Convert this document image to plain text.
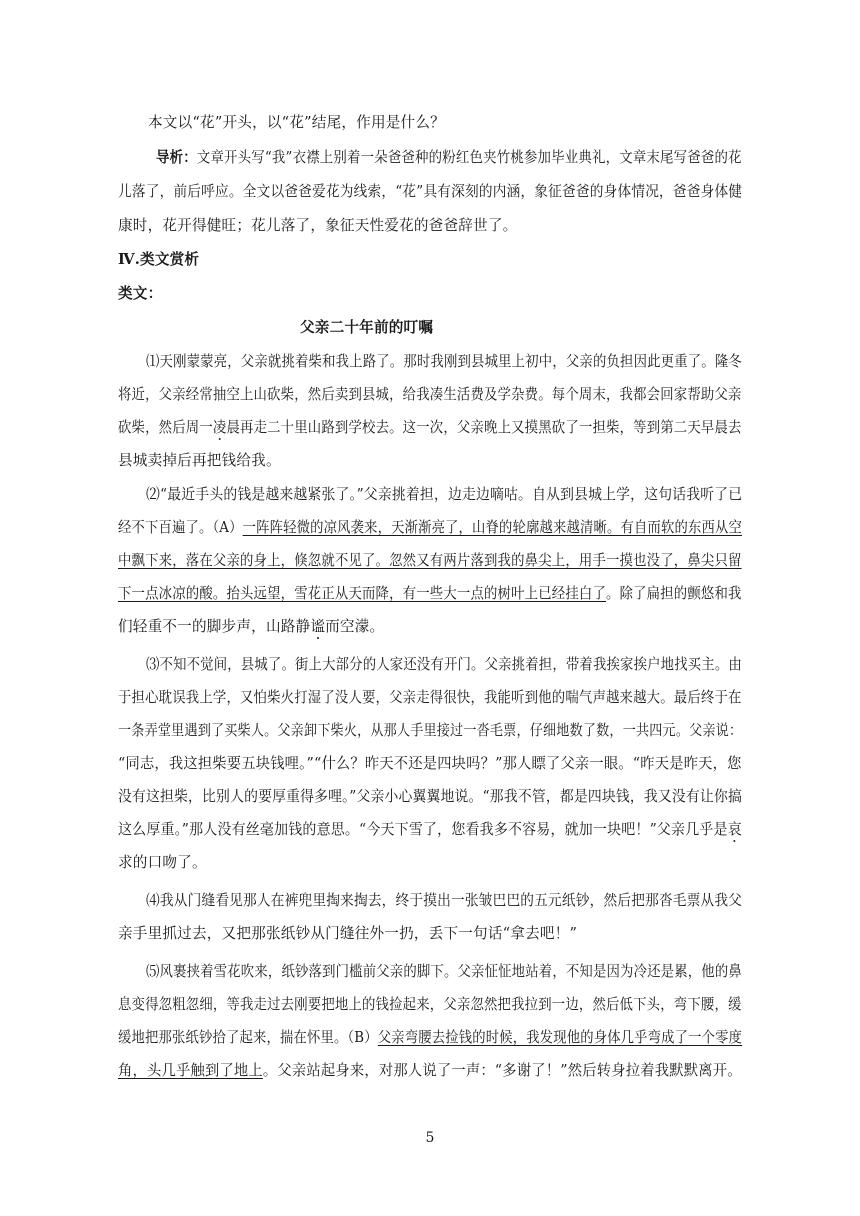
本文以“花”开头，以“花”结尾，作用是什么？
导析：文章开头写“我”衣襟上别着一朵爸爸种的粉红色夹竹桃参加毕业典礼，文章末尾写爸爸的花
儿落了，前后呼应。全文以爸爸爱花为线索，“花”具有深刻的内涵，象征爸爸的身体情况，爸爸身体健
康时，花开得健旺；花儿落了，象征天性爱花的爸爸辞世了。
Ⅳ.类文赏析
类文：
父亲二十年前的叮嘱
⑴天刚蒙蒙亮，父亲就挑着柴和我上路了。那时我刚到县城里上初中，父亲的负担因此更重了。隆冬
将近，父亲经常抽空上山砍柴，然后卖到县城，给我凑生活费及学杂费。每个周末，我都会回家帮助父亲
砍柴，然后周一凌晨再走二十里山路到学校去。这一次，父亲晚上又摸黑砍了一担柴，等到第二天早晨去
县城卖掉后再把钱给我。
⑵“最近手头的钱是越来越紧张了。”父亲挑着担，边走边嘀咕。自从到县城上学，这句话我听了已
经不下百遍了。（A）一阵阵轻微的凉风袭来，天渐渐亮了，山脊的轮廓越来越清晰。有自而软的东西从空
中飘下来，落在父亲的身上，倏忽就不见了。忽然又有两片落到我的鼻尖上，用手一摸也没了，鼻尖只留
下一点冰凉的酸。抬头远望，雪花正从天而降，有一些大一点的树叶上已经挂白了。除了扁担的颤悠和我
们轻重不一的脚步声，山路静谧而空濛。
⑶不知不觉间，县城了。街上大部分的人家还没有开门。父亲挑着担，带着我挨家挨户地找买主。由
于担心耽误我上学，又怕柴火打湿了没人要，父亲走得很快，我能听到他的喘气声越来越大。最后终于在
一条弄堂里遇到了买柴人。父亲卸下柴火，从那人手里接过一沓毛票，仔细地数了数，一共四元。父亲说：
“同志，我这担柴要五块钱哩。”“什么？昨天不还是四块吗？”那人瞟了父亲一眼。“昨天是昨天，您
没有这担柴，比别人的要厚重得多哩。”父亲小心翼翼地说。“那我不管，都是四块钱，我又没有让你搞
这么厚重。”那人没有丝毫加钱的意思。“今天下雪了，您看我多不容易，就加一块吧！”父亲几乎是哀
求的口吻了。
⑷我从门缝看见那人在裤兜里掏来掏去，终于摸出一张皱巴巴的五元纸钞，然后把那沓毛票从我父
亲手里抓过去，又把那张纸钞从门缝往外一扔，丢下一句话“拿去吧！”
⑸风裹挟着雪花吹来，纸钞落到门槛前父亲的脚下。父亲怔怔地站着，不知是因为冷还是累，他的鼻
息变得忽粗忽细，等我走过去刚要把地上的钱捡起来，父亲忽然把我拉到一边，然后低下头，弯下腰，缓
缓地把那张纸钞拾了起来，揣在怀里。（B）父亲弯腰去捡钱的时候，我发现他的身体几乎弯成了一个零度
角，头几乎触到了地上。父亲站起身来，对那人说了一声：“多谢了！”然后转身拉着我默默离开。
5
